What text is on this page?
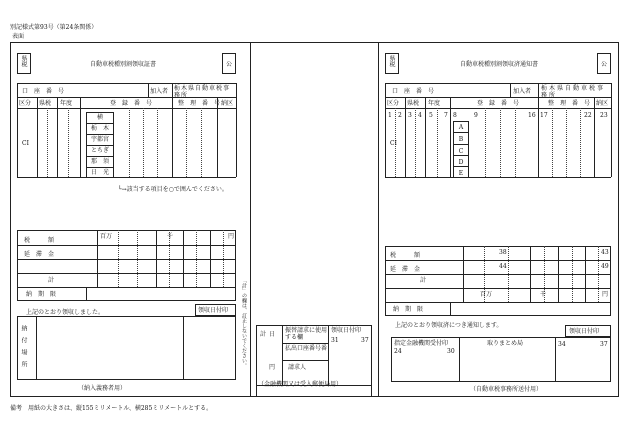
別記様式第93号（第24条関係）
表面
県税	自動車税種別割領収証書	公
口　座　番　号	加入者 栃木県自動車税事務所
区分 県税 年度	登　録　番　号	整　理　番　号 納区
CI
横
栃　木
宇都宮
とちぎ
那　須
日　光
└→該当する項目を○で囲んでください。
百万	千	円
税　　　額
延　滞　金
計
納　期　限	「計」の欄は、訂正しないでください。
上記のとおり領収しました。	領収日付印
納付場所
（納入義務者用）
計 日
円
振替請求に使用する欄
払出口座番号番
請求人
領収日付印
31	37
（金融機関又は受入郵便局用）
県税	自動車税種別割領収済通知書	公
口　座　番　号	加入者 栃木県自動車税事務所
区分 県税 年度	登　録　番　号	整　理　番　号 納区
1 2 3 4 5 7 8	9	16 17	22 23
CI
A
B
C
D
E
税　　　額	38	43
延　滞　金	44	49
計
百万	千	円
納　期　限
上記のとおり領収済につき通知します。
領収日付印
指定金融機関受付印
24	30
取りまとめ局	34	37
（自動車税事務所送付用）
備考　用紙の大きさは、縦155ミリメートル、横285ミリメートルとする。
